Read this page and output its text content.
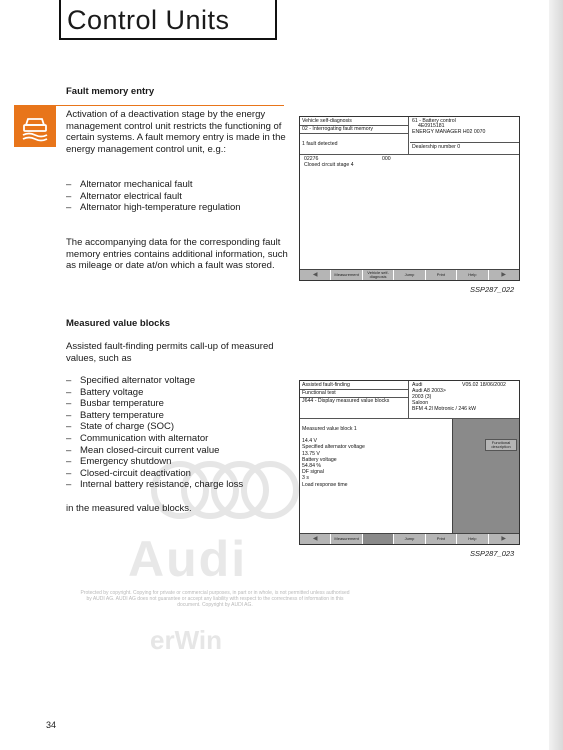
Control Units
Audi
Protected by copyright. Copying for private or commercial purposes, in part or in whole, is not permitted unless authorised by AUDI AG. AUDI AG does not guarantee or accept any liability with respect to the correctness of information in this document. Copyright by AUDI AG.
erWin
Fault memory entry
Activation of a deactivation stage by the energy management control unit restricts the functioning of certain systems. A fault memory entry is made in the energy management control unit, e.g.:
– Alternator mechanical fault
– Alternator electrical fault
– Alternator high-temperature regulation
The accompanying data for the corresponding fault memory entries contains additional information, such as mileage or date at/on which a fault was stored.
Vehicle self-diagnosis
02 - Interrogating fault memory
1 fault detected
61 - Battery control
4E0915181
ENERGY MANAGER H02 0070
Dealership number 0
02276	000
Closed circuit stage 4
◀	Measurement	Vehicle self-diagnosis	Jump	Print	Help	▶
SSP287_022
Measured value blocks
Assisted fault-finding permits call-up of measured values, such as
– Specified alternator voltage
– Battery voltage
– Busbar temperature
– Battery temperature
– State of charge (SOC)
– Communication with alternator
– Mean closed-circuit current value
– Emergency shutdown
– Closed-circuit deactivation
– Internal battery resistance, charge loss
in the measured value blocks.
Assisted fault-finding
Functional test
J644 - Display measured value blocks
Audi	V05.02 18/06/2002
Audi A8 2003>
2003 (3)
Saloon
BFM 4.2l Motronic / 246 kW
Functional description
Measured value block 1
14.4 V
Specified alternator voltage
13.75 V
Battery voltage
54.84 %
DF signal
3 s
Load response time
◀	Measurement	Jump	Print	Help	▶
SSP287_023
34
